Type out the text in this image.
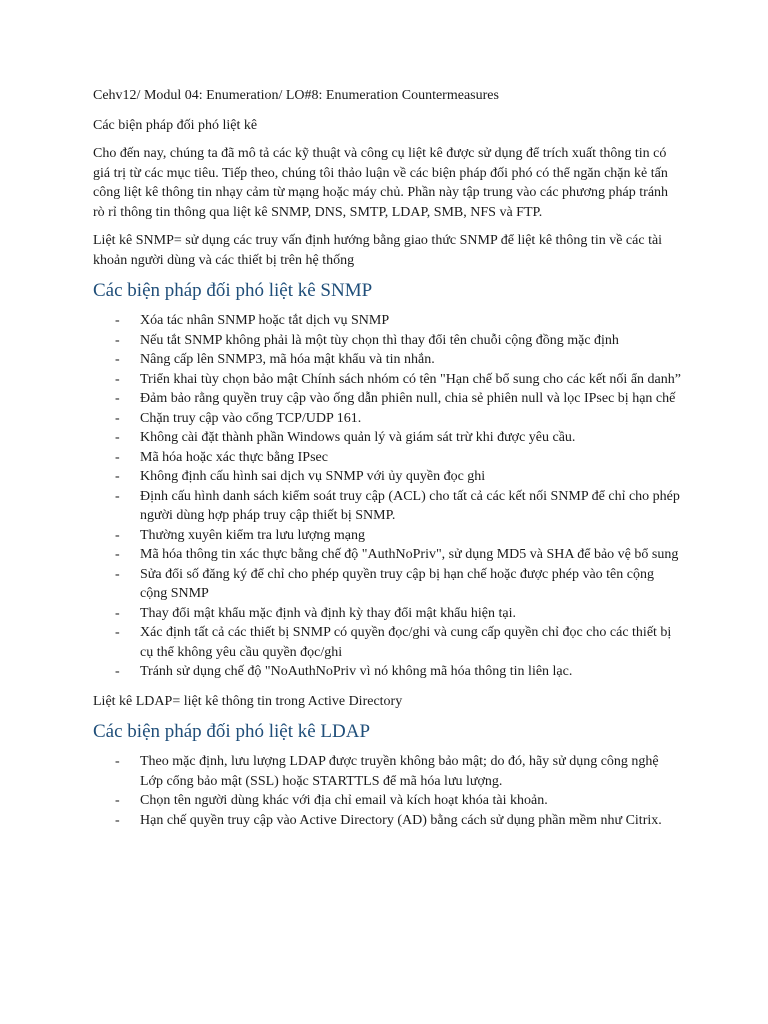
Cehv12/ Modul 04: Enumeration/ LO#8: Enumeration Countermeasures
Các biện pháp đối phó liệt kê
Cho đến nay, chúng ta đã mô tả các kỹ thuật và công cụ liệt kê được sử dụng để trích xuất thông tin có giá trị từ các mục tiêu. Tiếp theo, chúng tôi thảo luận về các biện pháp đối phó có thể ngăn chặn kẻ tấn công liệt kê thông tin nhạy cảm từ mạng hoặc máy chủ. Phần này tập trung vào các phương pháp tránh rò rỉ thông tin thông qua liệt kê SNMP, DNS, SMTP, LDAP, SMB, NFS và FTP.
Liệt kê SNMP= sử dụng các truy vấn định hướng bằng giao thức SNMP để liệt kê thông tin về các tài khoản người dùng và các thiết bị trên hệ thống
Các biện pháp đối phó liệt kê SNMP
- Xóa tác nhân SNMP hoặc tắt dịch vụ SNMP
- Nếu tắt SNMP không phải là một tùy chọn thì thay đổi tên chuỗi cộng đồng mặc định
- Nâng cấp lên SNMP3, mã hóa mật khẩu và tin nhắn.
- Triển khai tùy chọn bảo mật Chính sách nhóm có tên "Hạn chế bổ sung cho các kết nối ẩn danh”
- Đảm bảo rằng quyền truy cập vào ống dẫn phiên null, chia sẻ phiên null và lọc IPsec bị hạn chế
- Chặn truy cập vào cổng TCP/UDP 161.
- Không cài đặt thành phần Windows quản lý và giám sát trừ khi được yêu cầu.
- Mã hóa hoặc xác thực bằng IPsec
- Không định cấu hình sai dịch vụ SNMP với ủy quyền đọc ghi
- Định cấu hình danh sách kiểm soát truy cập (ACL) cho tất cả các kết nối SNMP để chỉ cho phép người dùng hợp pháp truy cập thiết bị SNMP.
- Thường xuyên kiểm tra lưu lượng mạng
- Mã hóa thông tin xác thực bằng chế độ "AuthNoPriv", sử dụng MD5 và SHA để bảo vệ bổ sung
- Sửa đổi số đăng ký để chỉ cho phép quyền truy cập bị hạn chế hoặc được phép vào tên cộng cộng SNMP
- Thay đổi mật khẩu mặc định và định kỳ thay đổi mật khẩu hiện tại.
- Xác định tất cả các thiết bị SNMP có quyền đọc/ghi và cung cấp quyền chỉ đọc cho các thiết bị cụ thể không yêu cầu quyền đọc/ghi
- Tránh sử dụng chế độ "NoAuthNoPriv vì nó không mã hóa thông tin liên lạc.
Liệt kê LDAP= liệt kê thông tin trong Active Directory
Các biện pháp đối phó liệt kê LDAP
- Theo mặc định, lưu lượng LDAP được truyền không bảo mật; do đó, hãy sử dụng công nghệ Lớp cổng bảo mật (SSL) hoặc STARTTLS để mã hóa lưu lượng.
- Chọn tên người dùng khác với địa chỉ email và kích hoạt khóa tài khoản.
- Hạn chế quyền truy cập vào Active Directory (AD) bằng cách sử dụng phần mềm như Citrix.
